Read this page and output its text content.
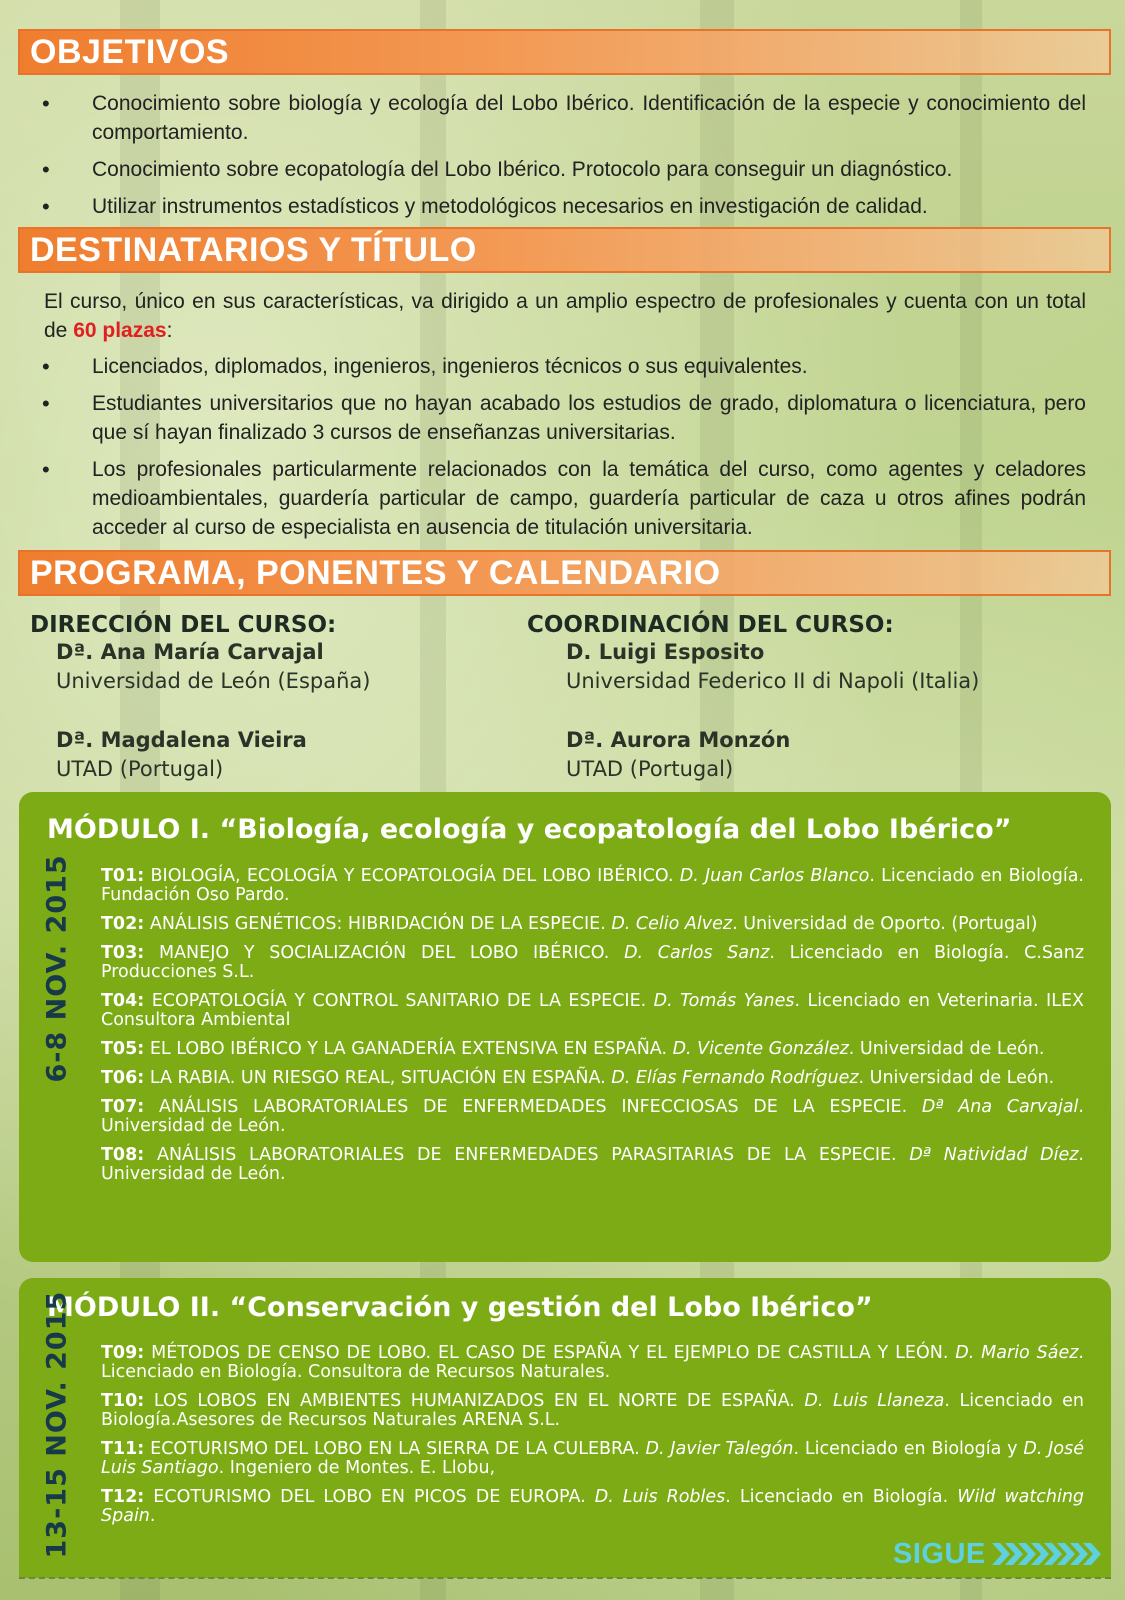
OBJETIVOS
• Conocimiento sobre biología y ecología del Lobo Ibérico. Identificación de la especie y conocimiento del comportamiento.
• Conocimiento sobre ecopatología del Lobo Ibérico. Protocolo para conseguir un diagnóstico.
• Utilizar instrumentos estadísticos y metodológicos necesarios en investigación de calidad.
DESTINATARIOS Y TÍTULO

El curso, único en sus características, va dirigido a un amplio espectro de profesionales y cuenta con un total de 60 plazas:

• Licenciados, diplomados, ingenieros, ingenieros técnicos o sus equivalentes.
• Estudiantes universitarios que no hayan acabado los estudios de grado, diplomatura o licenciatura, pero que sí hayan finalizado 3 cursos de enseñanzas universitarias.
• Los profesionales particularmente relacionados con la temática del curso, como agentes y celadores medioambientales, guardería particular de campo, guardería particular de caza u otros afines podrán acceder al curso de especialista en ausencia de titulación universitaria.
PROGRAMA, PONENTES Y CALENDARIO
DIRECCIÓN DEL CURSO:
Dª. Ana María Carvajal
Universidad de León (España)
Dª. Magdalena Vieira
UTAD (Portugal)
COORDINACIÓN DEL CURSO:
D. Luigi Esposito
Universidad Federico II di Napoli (Italia)
Dª. Aurora Monzón
UTAD (Portugal)
MÓDULO I. “Biología, ecología y ecopatología del Lobo Ibérico”
6-8 NOV. 2015 T01: BIOLOGÍA, ECOLOGÍA Y ECOPATOLOGÍA DEL LOBO IBÉRICO. D. Juan Carlos Blanco. Licenciado en Biología. Fundación Oso Pardo.
T02: ANÁLISIS GENÉTICOS: HIBRIDACIÓN DE LA ESPECIE. D. Celio Alvez. Universidad de Oporto. (Portugal)
T03: MANEJO Y SOCIALIZACIÓN DEL LOBO IBÉRICO. D. Carlos Sanz. Licenciado en Biología. C.Sanz Producciones S.L.
T04: ECOPATOLOGÍA Y CONTROL SANITARIO DE LA ESPECIE. D. Tomás Yanes. Licenciado en Veterinaria. ILEX Consultora Ambiental
T05: EL LOBO IBÉRICO Y LA GANADERÍA EXTENSIVA EN ESPAÑA. D. Vicente González. Universidad de León.
T06: LA RABIA. UN RIESGO REAL, SITUACIÓN EN ESPAÑA. D. Elías Fernando Rodríguez. Universidad de León.
T07: ANÁLISIS LABORATORIALES DE ENFERMEDADES INFECCIOSAS DE LA ESPECIE. Dª Ana Carvajal. Universidad de León.
T08: ANÁLISIS LABORATORIALES DE ENFERMEDADES PARASITARIAS DE LA ESPECIE. Dª Natividad Díez. Universidad de León.
MÓDULO II. “Conservación y gestión del Lobo Ibérico”
13-15 NOV. 2015 T09: MÉTODOS DE CENSO DE LOBO. EL CASO DE ESPAÑA Y EL EJEMPLO DE CASTILLA Y LEÓN. D. Mario Sáez. Licenciado en Biología. Consultora de Recursos Naturales.
T10: LOS LOBOS EN AMBIENTES HUMANIZADOS EN EL NORTE DE ESPAÑA. D. Luis Llaneza. Licenciado en Biología.Asesores de Recursos Naturales ARENA S.L.
T11: ECOTURISMO DEL LOBO EN LA SIERRA DE LA CULEBRA. D. Javier Talegón. Licenciado en Biología y D. José Luis Santiago. Ingeniero de Montes. E. Llobu,
T12: ECOTURISMO DEL LOBO EN PICOS DE EUROPA. D. Luis Robles. Licenciado en Biología. Wild watching Spain.
SIGUE
